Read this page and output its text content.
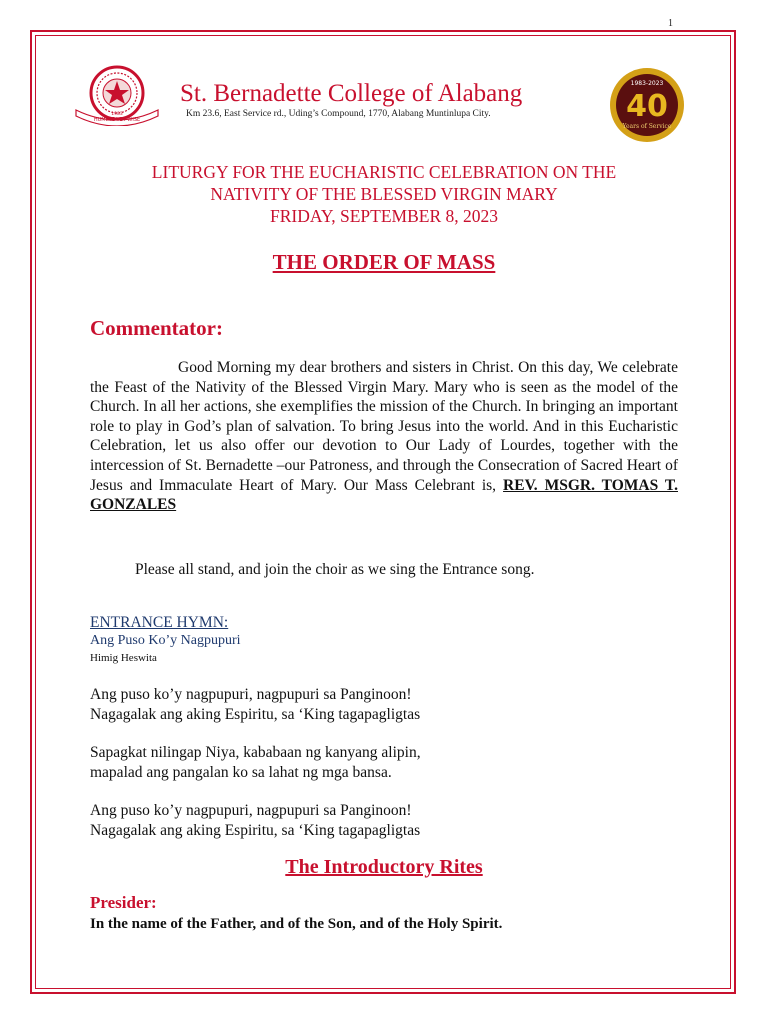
1
HUMBLE YET WISE
1983
St. Bernadette College of Alabang
Km 23.6, East Service rd., Uding’s Compound, 1770, Alabang Muntinlupa City.	40
Years of Service
1983-2023
LITURGY FOR THE EUCHARISTIC CELEBRATION ON THE
NATIVITY OF THE BLESSED VIRGIN MARY
FRIDAY, SEPTEMBER 8, 2023
THE ORDER OF MASS
Commentator:
Good Morning my dear brothers and sisters in Christ. On this day, We celebrate the Feast of the Nativity of the Blessed Virgin Mary. Mary who is seen as the model of the Church. In all her actions, she exemplifies the mission of the Church. In bringing an important role to play in God’s plan of salvation. To bring Jesus into the world. And in this Eucharistic Celebration, let us also offer our devotion to Our Lady of Lourdes, together with the intercession of St. Bernadette –our Patroness, and through the Consecration of Sacred Heart of Jesus and Immaculate Heart of Mary. Our Mass Celebrant is, REV. MSGR. TOMAS T. GONZALES
Please all stand, and join the choir as we sing the Entrance song.
ENTRANCE HYMN:
Ang Puso Ko’y Nagpupuri
Himig Heswita
Ang puso ko’y nagpupuri, nagpupuri sa Panginoon!
Nagagalak ang aking Espiritu, sa ‘King tagapagligtas
Sapagkat nilingap Niya, kababaan ng kanyang alipin,
mapalad ang pangalan ko sa lahat ng mga bansa.
Ang puso ko’y nagpupuri, nagpupuri sa Panginoon!
Nagagalak ang aking Espiritu, sa ‘King tagapagligtas
The Introductory Rites
Presider:
In the name of the Father, and of the Son, and of the Holy Spirit.
